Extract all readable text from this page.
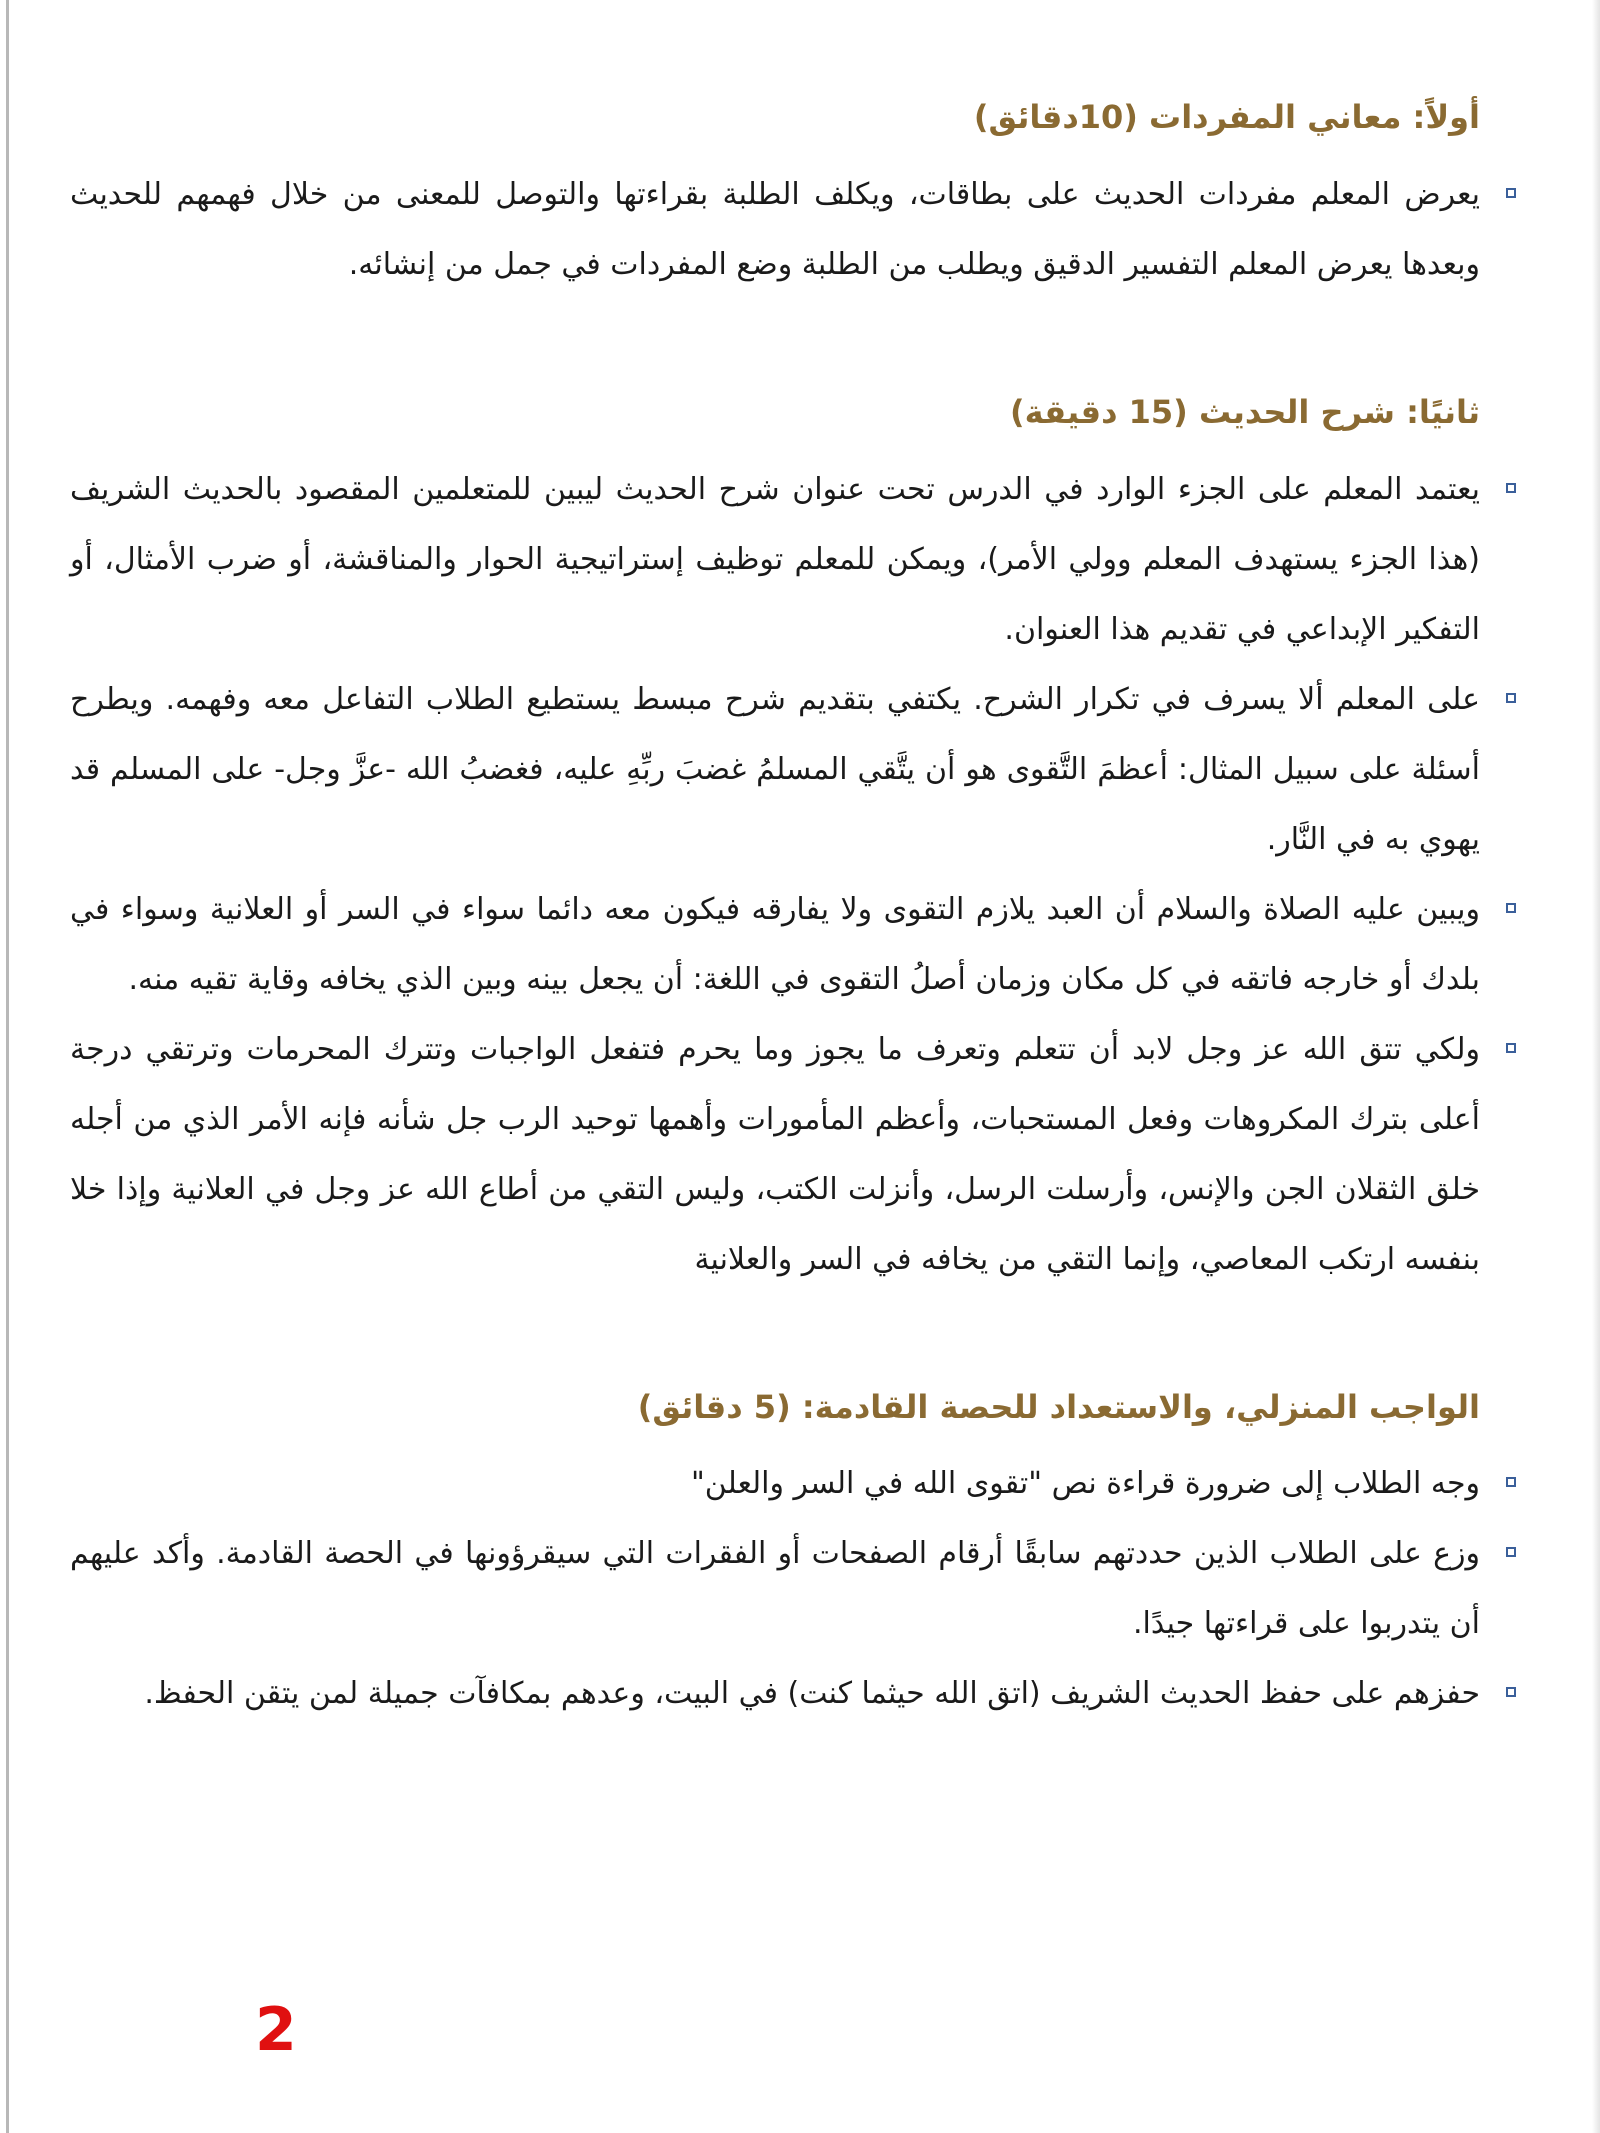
أولاً: معاني المفردات (10دقائق)
يعرض المعلم مفردات الحديث على بطاقات، ويكلف الطلبة بقراءتها والتوصل للمعنى من خلال فهمهم للحديث وبعدها يعرض المعلم التفسير الدقيق ويطلب من الطلبة وضع المفردات في جمل من إنشائه.
ثانيًا: شرح الحديث (15 دقيقة)
يعتمد المعلم على الجزء الوارد في الدرس تحت عنوان شرح الحديث ليبين للمتعلمين المقصود بالحديث الشريف (هذا الجزء يستهدف المعلم وولي الأمر)، ويمكن للمعلم توظيف إستراتيجية الحوار والمناقشة، أو ضرب الأمثال، أو التفكير الإبداعي في تقديم هذا العنوان.
على المعلم ألا يسرف في تكرار الشرح. يكتفي بتقديم شرح مبسط يستطيع الطلاب التفاعل معه وفهمه. ويطرح أسئلة على سبيل المثال: أعظمَ التَّقوى هو أن يتَّقي المسلمُ غضبَ ربِّهِ عليه، فغضبُ الله -عزَّ وجل- على المسلم قد يهوي به في النَّار.
ويبين عليه الصلاة والسلام أن العبد يلازم التقوى ولا يفارقه فيكون معه دائما سواء في السر أو العلانية وسواء في بلدك أو خارجه فاتقه في كل مكان وزمان أصلُ التقوى في اللغة: أن يجعل بينه وبين الذي يخافه وقاية تقيه منه.
ولكي تتق الله عز وجل لابد أن تتعلم وتعرف ما يجوز وما يحرم فتفعل الواجبات وتترك المحرمات وترتقي درجة أعلى بترك المكروهات وفعل المستحبات، وأعظم المأمورات وأهمها توحيد الرب جل شأنه فإنه الأمر الذي من أجله خلق الثقلان الجن والإنس، وأرسلت الرسل، وأنزلت الكتب، وليس التقي من أطاع الله عز وجل في العلانية وإذا خلا بنفسه ارتكب المعاصي، وإنما التقي من يخافه في السر والعلانية
الواجب المنزلي، والاستعداد للحصة القادمة: (5 دقائق)
وجه الطلاب إلى ضرورة قراءة نص "تقوى الله في السر والعلن"
وزع على الطلاب الذين حددتهم سابقًا أرقام الصفحات أو الفقرات التي سيقرؤونها في الحصة القادمة. وأكد عليهم أن يتدربوا على قراءتها جيدًا.
حفزهم على حفظ الحديث الشريف (اتق الله حيثما كنت) في البيت، وعدهم بمكافآت جميلة لمن يتقن الحفظ.
2
